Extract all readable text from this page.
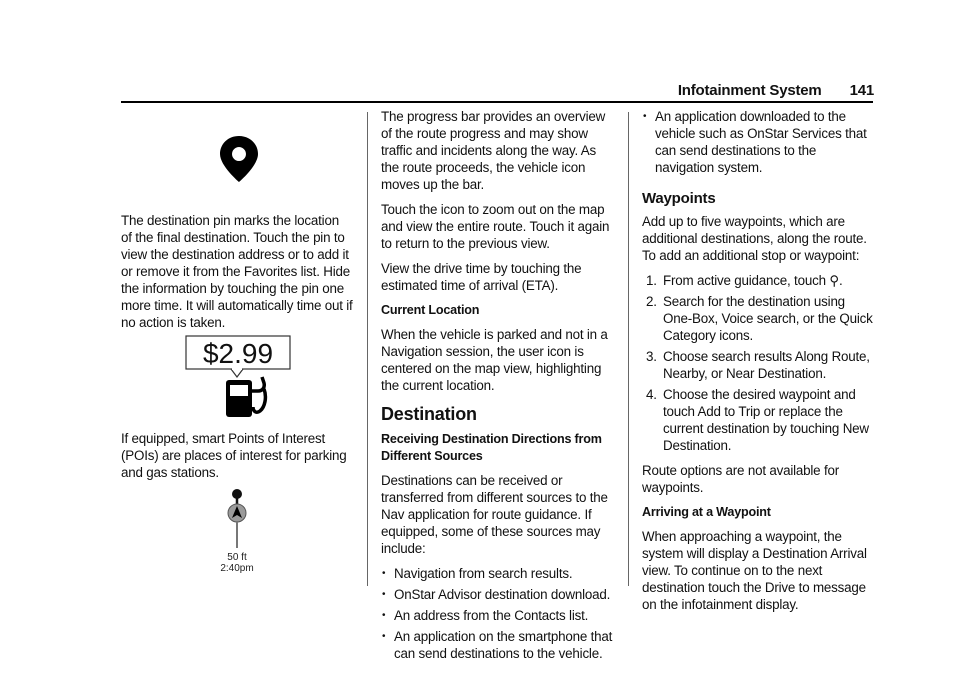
Infotainment System 141

The destination pin marks the location of the final destination. Touch the pin to view the destination address or to add it or remove it from the Favorites list. Hide the information by touching the pin one more time. It will automatically time out if no action is taken.

$2.99

If equipped, smart Points of Interest (POIs) are places of interest for parking and gas stations.

50 ft
2:40pm

The progress bar provides an overview of the route progress and may show traffic and incidents along the way. As the route proceeds, the vehicle icon moves up the bar.

Touch the icon to zoom out on the map and view the entire route. Touch it again to return to the previous view.

View the drive time by touching the estimated time of arrival (ETA).

Current Location

When the vehicle is parked and not in a Navigation session, the user icon is centered on the map view, highlighting the current location.

Destination
Receiving Destination Directions from Different Sources

Destinations can be received or transferred from different sources to the Nav application for route guidance. If equipped, some of these sources may include:

• Navigation from search results.
• OnStar Advisor destination download.
• An address from the Contacts list.
• An application on the smartphone that can send destinations to the vehicle.
• An application downloaded to the vehicle such as OnStar Services that can send destinations to the navigation system.
Waypoints

Add up to five waypoints, which are additional destinations, along the route. To add an additional stop or waypoint:

1. From active guidance, touch ⚲.
2. Search for the destination using One-Box, Voice search, or the Quick Category icons.
3. Choose search results Along Route, Nearby, or Near Destination.
4. Choose the desired waypoint and touch Add to Trip or replace the current destination by touching New Destination.

Route options are not available for waypoints.

Arriving at a Waypoint

When approaching a waypoint, the system will display a Destination Arrival view. To continue on to the next destination touch the Drive to message on the infotainment display.
